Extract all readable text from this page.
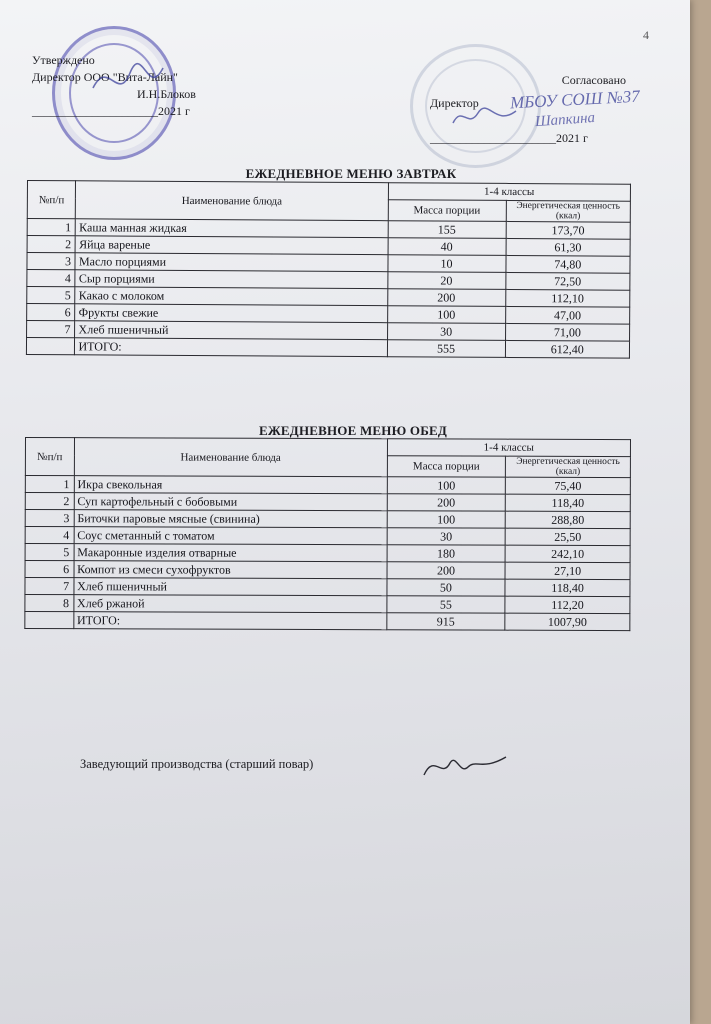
4
Утверждено
Директор ООО "Вита-Лайн"
И.Н.Блоков
_____________________2021 г
Согласовано
Директор
_____________________2021 г
МБОУ СОШ №37
Шапкина
ЕЖЕДНЕВНОЕ МЕНЮ ЗАВТРАК
№п/п	Наименование блюда	1-4 классы	
		Масса порции	Энергетическая ценность (ккал)
1	Каша манная жидкая	155	173,70
2	Яйца вареные	40	61,30
3	Масло порциями	10	74,80
4	Сыр порциями	20	72,50
5	Какао с молоком	200	112,10
6	Фрукты свежие	100	47,00
7	Хлеб пшеничный	30	71,00
	ИТОГО:	555	612,40
ЕЖЕДНЕВНОЕ МЕНЮ ОБЕД
№п/п	Наименование блюда	1-4 классы	
		Масса порции	Энергетическая ценность (ккал)
1	Икра свекольная	100	75,40
2	Суп картофельный с бобовыми	200	118,40
3	Биточки паровые мясные (свинина)	100	288,80
4	Соус сметанный с томатом	30	25,50
5	Макаронные изделия отварные	180	242,10
6	Компот из смеси сухофруктов	200	27,10
7	Хлеб пшеничный	50	118,40
8	Хлеб ржаной	55	112,20
	ИТОГО:	915	1007,90
Заведующий производства (старший повар)
